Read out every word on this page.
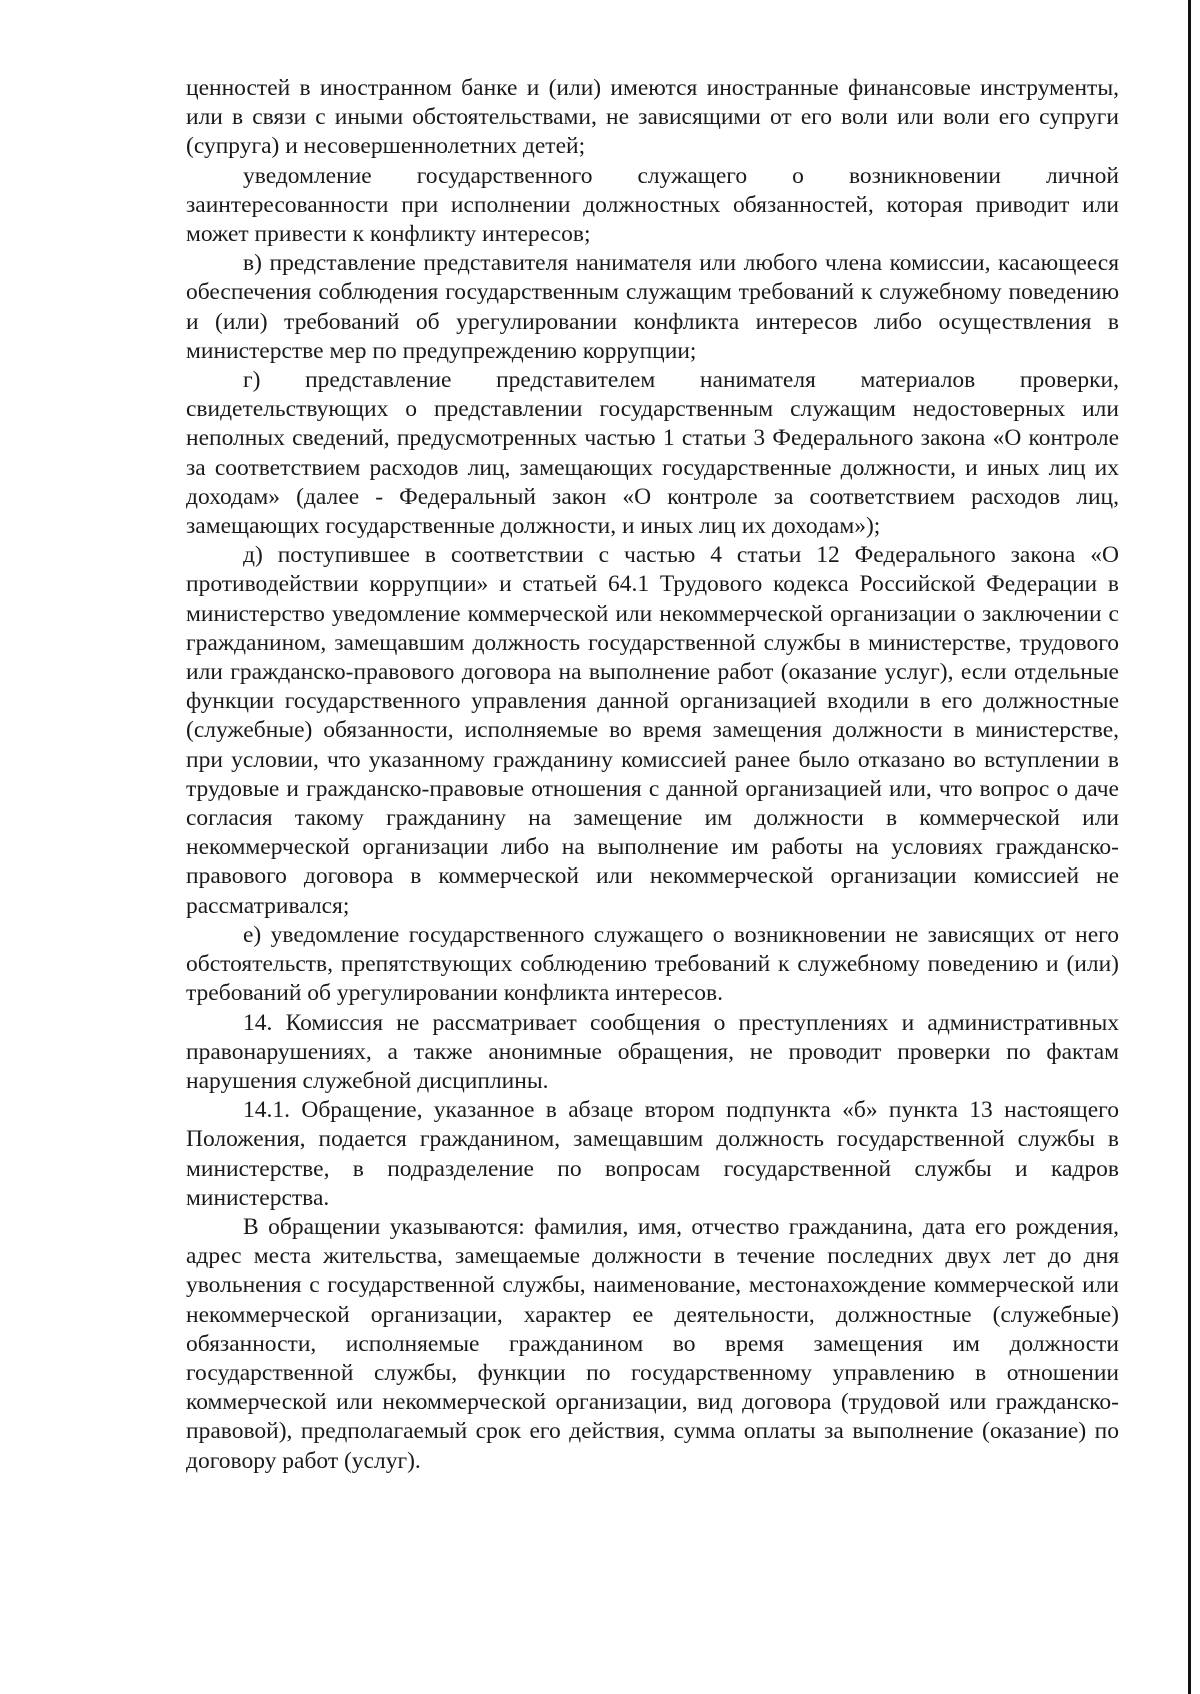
ценностей в иностранном банке и (или) имеются иностранные финансовые инструменты, или в связи с иными обстоятельствами, не зависящими от его воли или воли его супруги (супруга) и несовершеннолетних детей;

уведомление государственного служащего о возникновении личной заинтересованности при исполнении должностных обязанностей, которая приводит или может привести к конфликту интересов;

в) представление представителя нанимателя или любого члена комиссии, касающееся обеспечения соблюдения государственным служащим требований к служебному поведению и (или) требований об урегулировании конфликта интересов либо осуществления в министерстве мер по предупреждению коррупции;

г) представление представителем нанимателя материалов проверки, свидетельствующих о представлении государственным служащим недостоверных или неполных сведений, предусмотренных частью 1 статьи 3 Федерального закона «О контроле за соответствием расходов лиц, замещающих государственные должности, и иных лиц их доходам» (далее - Федеральный закон «О контроле за соответствием расходов лиц, замещающих государственные должности, и иных лиц их доходам»);

д) поступившее в соответствии с частью 4 статьи 12 Федерального закона «О противодействии коррупции» и статьей 64.1 Трудового кодекса Российской Федерации в министерство уведомление коммерческой или некоммерческой организации о заключении с гражданином, замещавшим должность государственной службы в министерстве, трудового или гражданско-правового договора на выполнение работ (оказание услуг), если отдельные функции государственного управления данной организацией входили в его должностные (служебные) обязанности, исполняемые во время замещения должности в министерстве, при условии, что указанному гражданину комиссией ранее было отказано во вступлении в трудовые и гражданско-правовые отношения с данной организацией или, что вопрос о даче согласия такому гражданину на замещение им должности в коммерческой или некоммерческой организации либо на выполнение им работы на условиях гражданско-правового договора в коммерческой или некоммерческой организации комиссией не рассматривался;

е) уведомление государственного служащего о возникновении не зависящих от него обстоятельств, препятствующих соблюдению требований к служебному поведению и (или) требований об урегулировании конфликта интересов.

14. Комиссия не рассматривает сообщения о преступлениях и административных правонарушениях, а также анонимные обращения, не проводит проверки по фактам нарушения служебной дисциплины.

14.1. Обращение, указанное в абзаце втором подпункта «б» пункта 13 настоящего Положения, подается гражданином, замещавшим должность государственной службы в министерстве, в подразделение по вопросам государственной службы и кадров министерства.

В обращении указываются: фамилия, имя, отчество гражданина, дата его рождения, адрес места жительства, замещаемые должности в течение последних двух лет до дня увольнения с государственной службы, наименование, местонахождение коммерческой или некоммерческой организации, характер ее деятельности, должностные (служебные) обязанности, исполняемые гражданином во время замещения им должности государственной службы, функции по государственному управлению в отношении коммерческой или некоммерческой организации, вид договора (трудовой или гражданско-правовой), предполагаемый срок его действия, сумма оплаты за выполнение (оказание) по договору работ (услуг).
